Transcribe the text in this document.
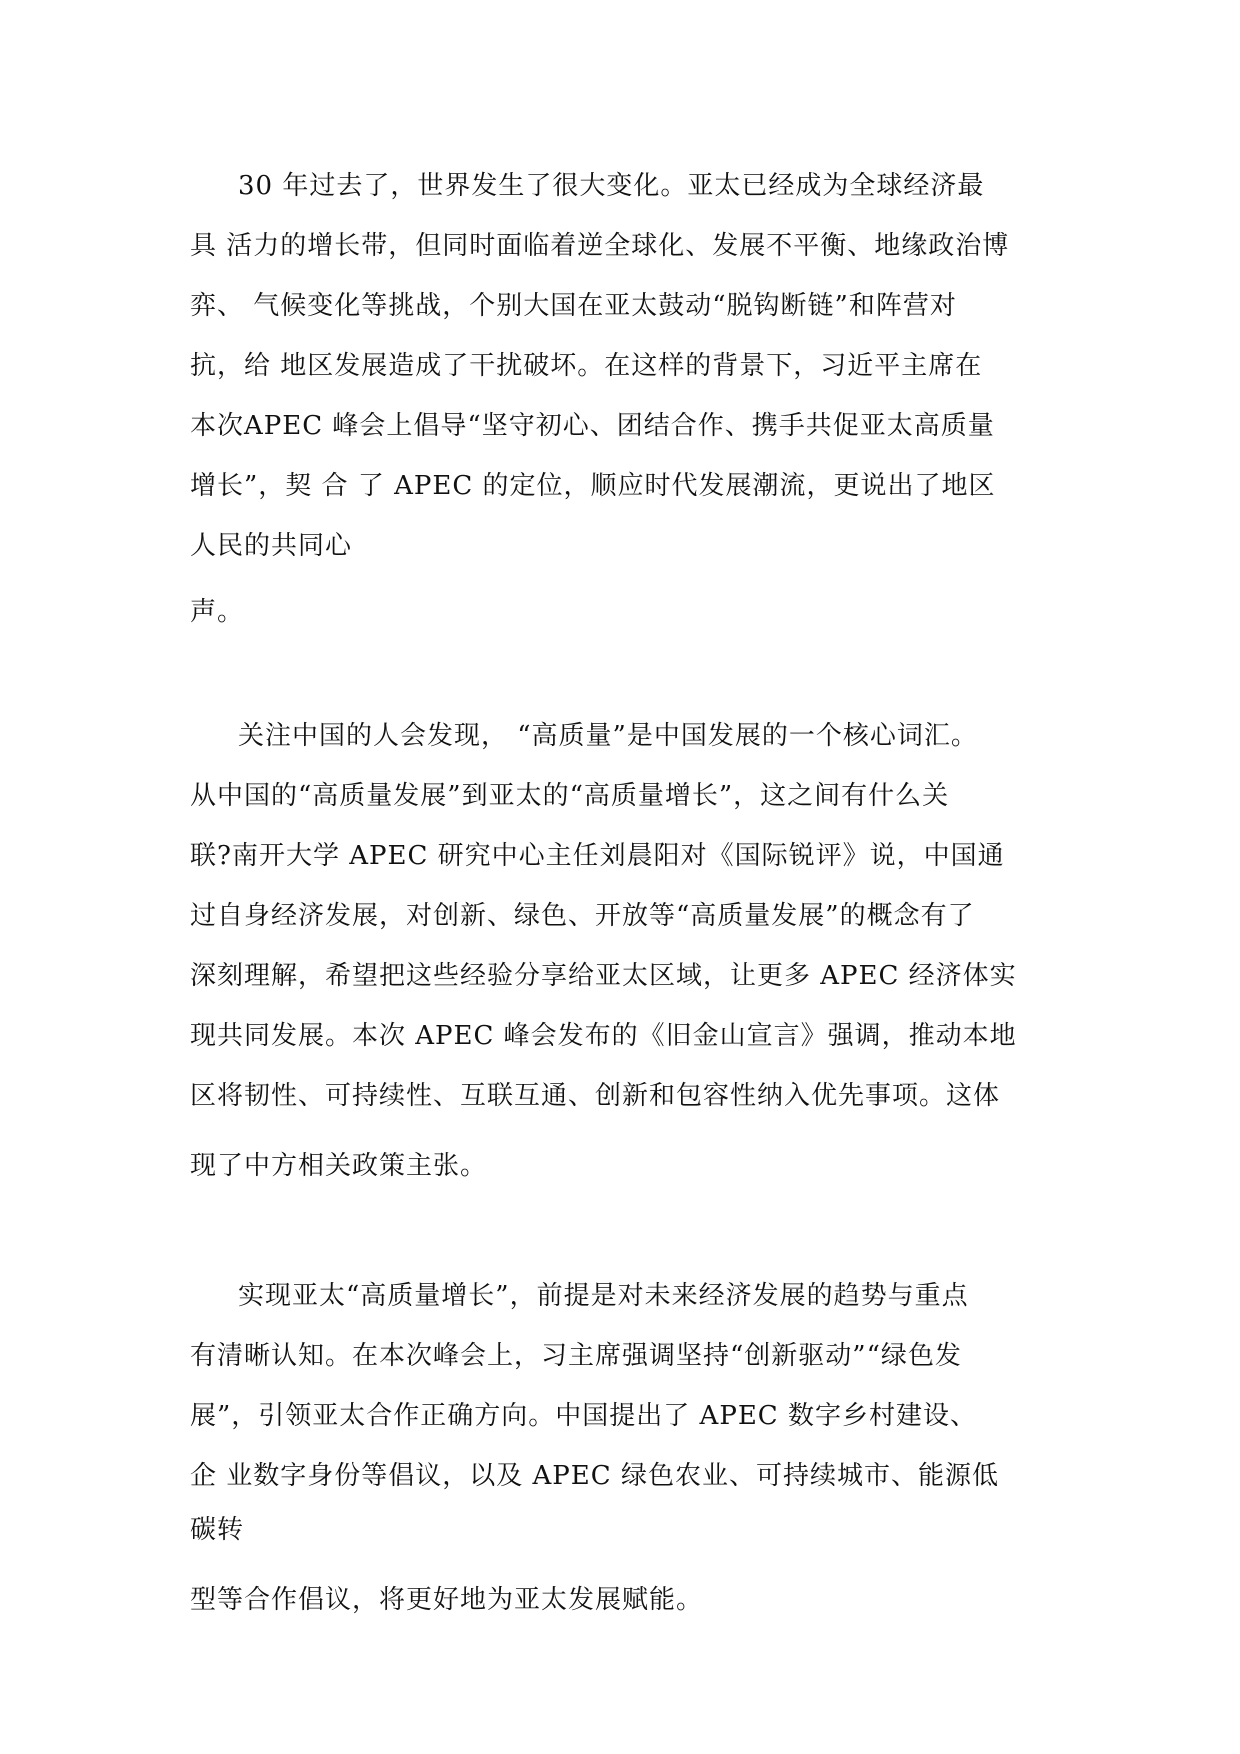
30 年过去了，世界发生了很大变化。亚太已经成为全球经济最
具 活力的增长带，但同时面临着逆全球化、发展不平衡、地缘政治博
弈、 气候变化等挑战，个别大国在亚太鼓动“脱钩断链”和阵营对
抗，给 地区发展造成了干扰破坏。在这样的背景下，习近平主席在
本次APEC 峰会上倡导“坚守初心、团结合作、携手共促亚太高质量
增长”，契 合 了 APEC 的定位，顺应时代发展潮流，更说出了地区
人民的共同心
声。
关注中国的人会发现， “高质量”是中国发展的一个核心词汇。
从中国的“高质量发展”到亚太的“高质量增长”，这之间有什么关
联?南开大学 APEC 研究中心主任刘晨阳对《国际锐评》说，中国通
过自身经济发展，对创新、绿色、开放等“高质量发展”的概念有了
深刻理解，希望把这些经验分享给亚太区域，让更多 APEC 经济体实
现共同发展。本次 APEC 峰会发布的《旧金山宣言》强调，推动本地
区将韧性、可持续性、互联互通、创新和包容性纳入优先事项。这体
现了中方相关政策主张。
实现亚太“高质量增长”，前提是对未来经济发展的趋势与重点
有清晰认知。在本次峰会上，习主席强调坚持“创新驱动”“绿色发
展”，引领亚太合作正确方向。中国提出了 APEC 数字乡村建设、
企 业数字身份等倡议，以及 APEC 绿色农业、可持续城市、能源低
碳转
型等合作倡议，将更好地为亚太发展赋能。
